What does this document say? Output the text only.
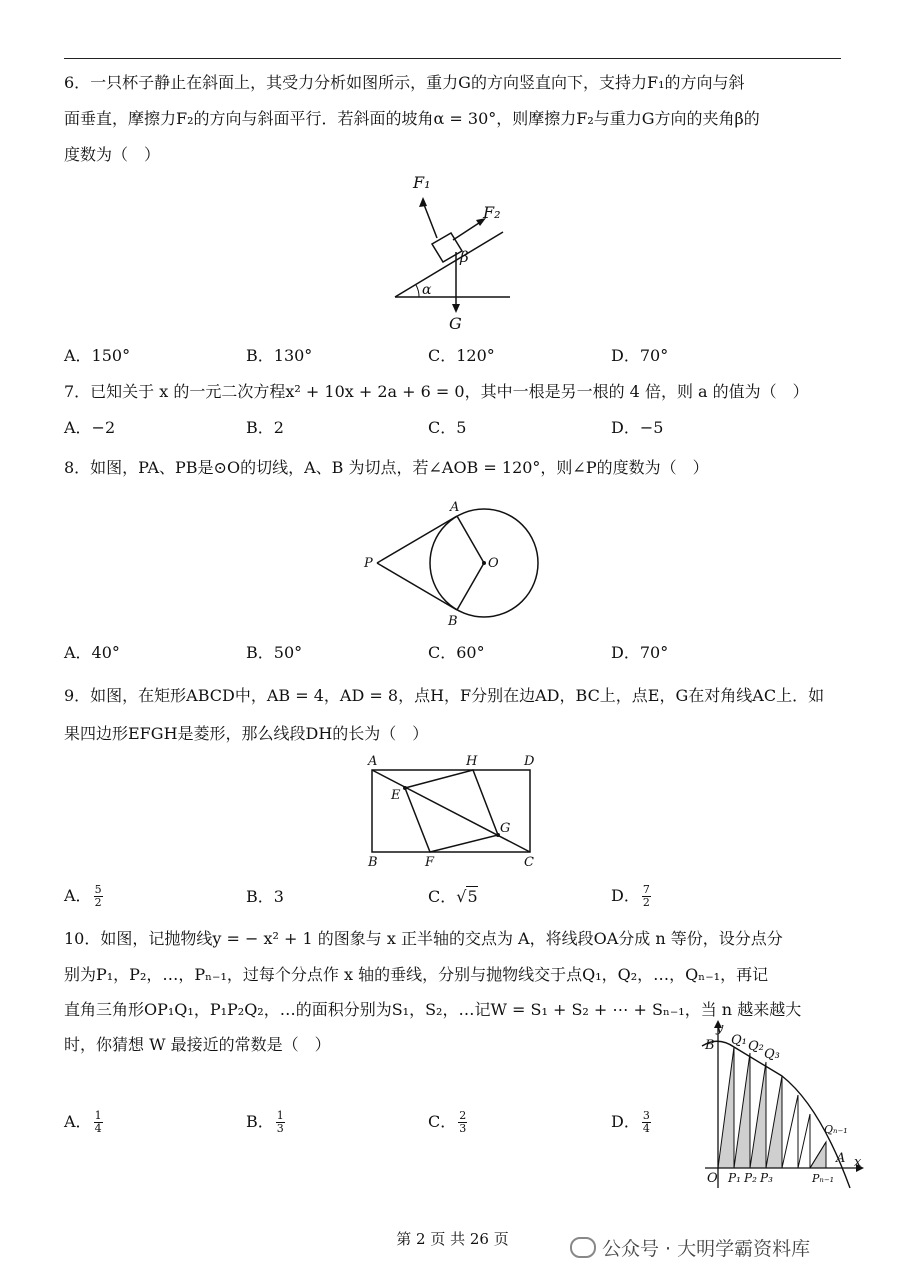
6．一只杯子静止在斜面上，其受力分析如图所示，重力G的方向竖直向下，支持力F₁的方向与斜
面垂直，摩擦力F₂的方向与斜面平行．若斜面的坡角α = 30°，则摩擦力F₂与重力G方向的夹角β的
度数为（　）
F₁
F₂
β
α
G
A．150°	B．130°	C．120°	D．70°
7．已知关于 x 的一元二次方程x² + 10x + 2a + 6 = 0，其中一根是另一根的 4 倍，则 a 的值为（　）
A．−2	B．2	C．5	D．−5
8．如图，PA、PB是⊙O的切线，A、B 为切点，若∠AOB = 120°，则∠P的度数为（　）
A
P	O
B
A．40°	B．50°	C．60°	D．70°
9．如图，在矩形ABCD中，AB = 4，AD = 8，点H，F分别在边AD，BC上，点E，G在对角线AC上．如
果四边形EFGH是菱形，那么线段DH的长为（　）
A	H	D
E
G
B	F	C
A． $\frac{5}{2}$	B．3	C．√5	D． $\frac{7}{2}$
10．如图，记抛物线y = − x² + 1 的图象与 x 正半轴的交点为 A，将线段OA分成 n 等份，设分点分
别为P₁，P₂，…，Pₙ₋₁，过每个分点作 x 轴的垂线，分别与抛物线交于点Q₁，Q₂，…，Qₙ₋₁，再记
直角三角形OP₁Q₁，P₁P₂Q₂，…的面积分别为S₁，S₂，…记W = S₁ + S₂ + ⋯ + Sₙ₋₁，当 n 越来越大
时，你猜想 W 最接近的常数是（　）
y
B Q₁ Q₂
Q₃
Qₙ₋₁
A x
O P₁ P₂ P₃	Pₙ₋₁
A． $\frac{1}{4}$	B． $\frac{1}{3}$	C． $\frac{2}{3}$	D． $\frac{3}{4}$
第 2 页 共 26 页	公众号 · 大明学霸资料库
